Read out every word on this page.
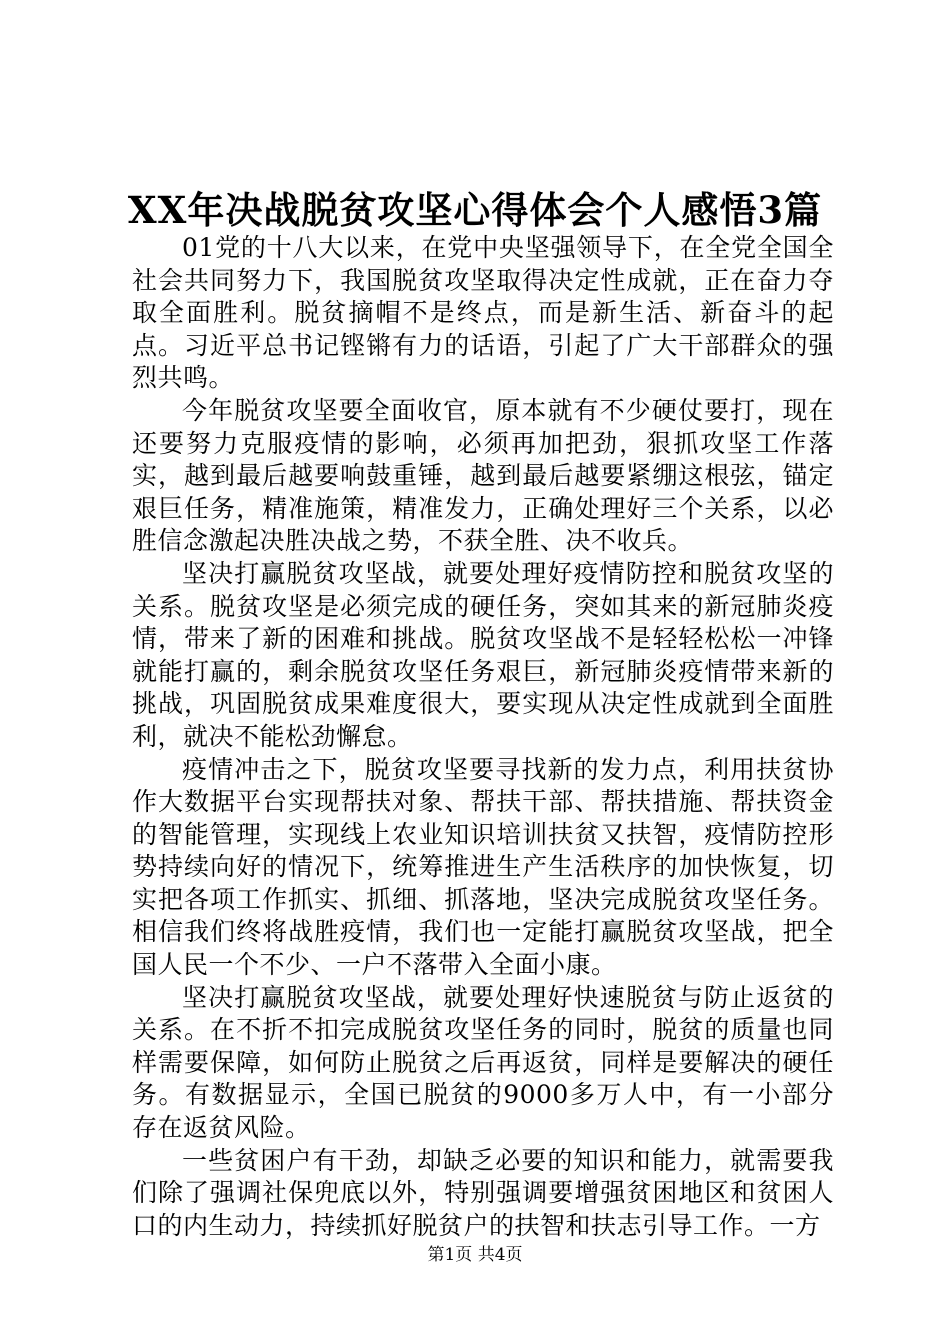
XX年决战脱贫攻坚心得体会个人感悟3篇

01党的十八大以来，在党中央坚强领导下，在全党全国全社会共同努力下，我国脱贫攻坚取得决定性成就，正在奋力夺取全面胜利。脱贫摘帽不是终点，而是新生活、新奋斗的起点。习近平总书记铿锵有力的话语，引起了广大干部群众的强烈共鸣。

今年脱贫攻坚要全面收官，原本就有不少硬仗要打，现在还要努力克服疫情的影响，必须再加把劲，狠抓攻坚工作落实，越到最后越要响鼓重锤，越到最后越要紧绷这根弦，锚定艰巨任务，精准施策，精准发力，正确处理好三个关系，以必胜信念激起决胜决战之势，不获全胜、决不收兵。

坚决打赢脱贫攻坚战，就要处理好疫情防控和脱贫攻坚的关系。脱贫攻坚是必须完成的硬任务，突如其来的新冠肺炎疫情，带来了新的困难和挑战。脱贫攻坚战不是轻轻松松一冲锋就能打赢的，剩余脱贫攻坚任务艰巨，新冠肺炎疫情带来新的挑战，巩固脱贫成果难度很大，要实现从决定性成就到全面胜利，就决不能松劲懈怠。

疫情冲击之下，脱贫攻坚要寻找新的发力点，利用扶贫协作大数据平台实现帮扶对象、帮扶干部、帮扶措施、帮扶资金的智能管理，实现线上农业知识培训扶贫又扶智，疫情防控形势持续向好的情况下，统筹推进生产生活秩序的加快恢复，切实把各项工作抓实、抓细、抓落地，坚决完成脱贫攻坚任务。相信我们终将战胜疫情，我们也一定能打赢脱贫攻坚战，把全国人民一个不少、一户不落带入全面小康。

坚决打赢脱贫攻坚战，就要处理好快速脱贫与防止返贫的关系。在不折不扣完成脱贫攻坚任务的同时，脱贫的质量也同样需要保障，如何防止脱贫之后再返贫，同样是要解决的硬任务。有数据显示，全国已脱贫的9000多万人中，有一小部分存在返贫风险。

一些贫困户有干劲，却缺乏必要的知识和能力，就需要我们除了强调社保兜底以外，特别强调要增强贫困地区和贫困人口的内生动力，持续抓好脱贫户的扶智和扶志引导工作。一方

第1页 共4页
